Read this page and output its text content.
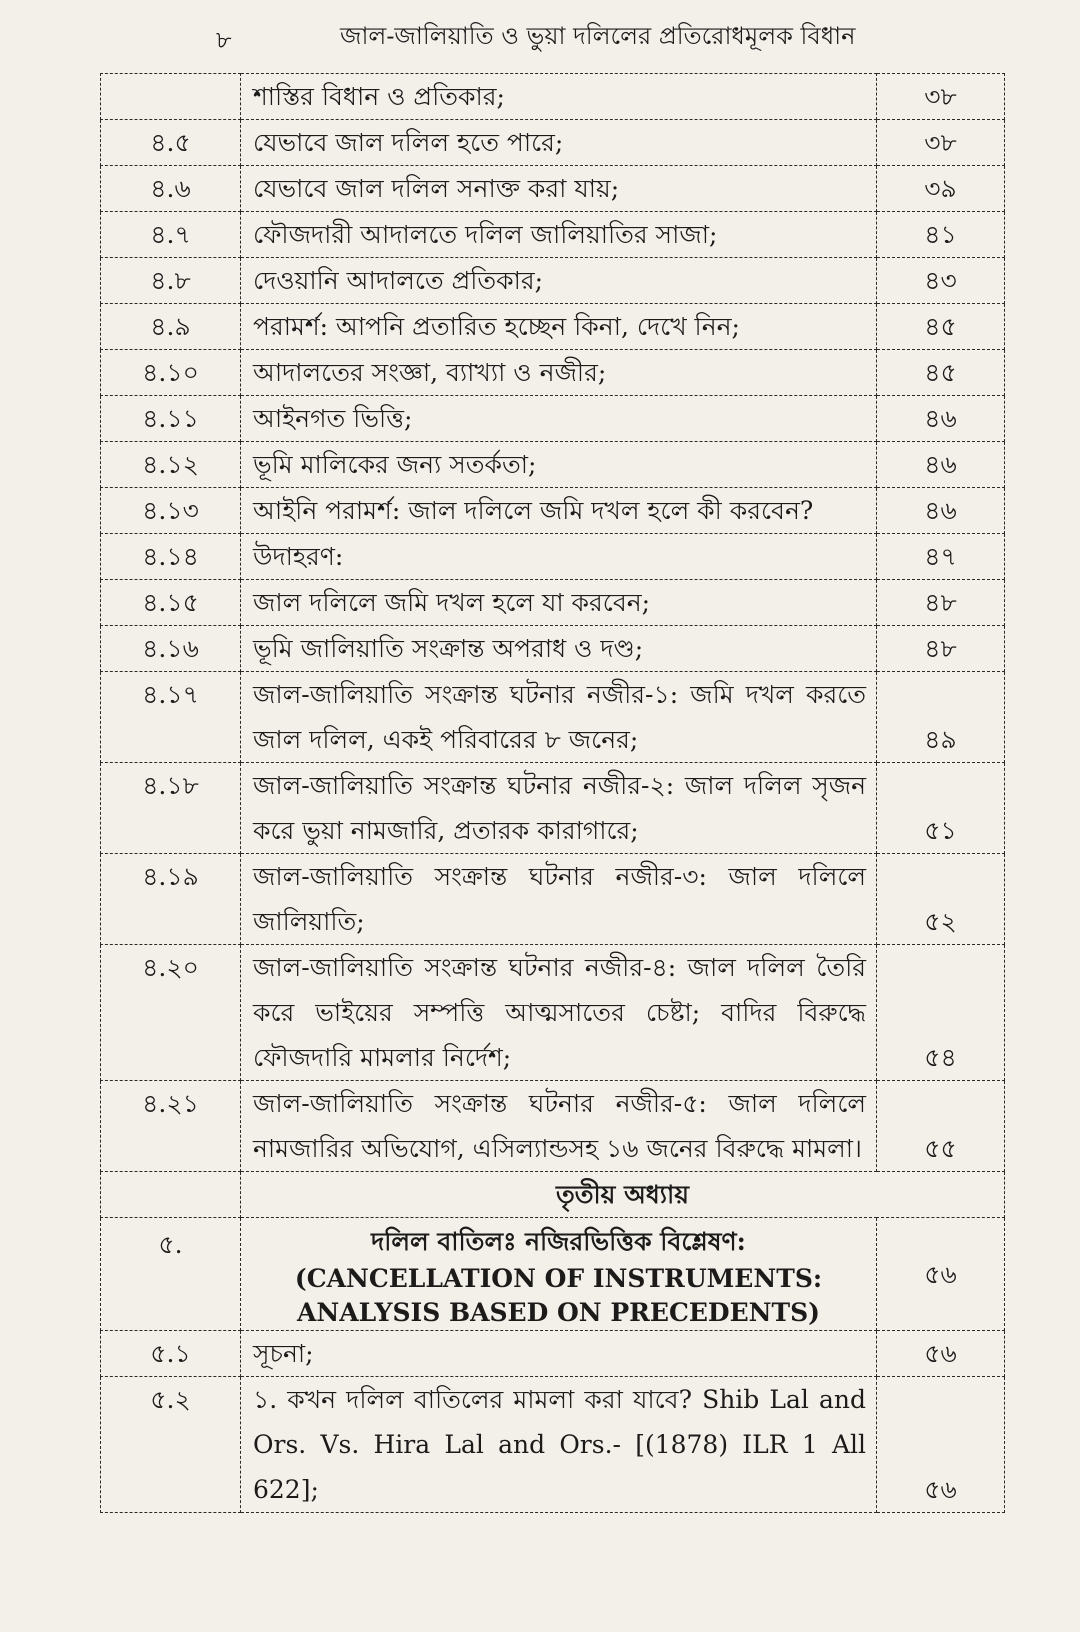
৮	জাল-জালিয়াতি ও ভুয়া দলিলের প্রতিরোধমূলক বিধান
	শাস্তির বিধান ও প্রতিকার;	৩৮
৪.৫	যেভাবে জাল দলিল হতে পারে;	৩৮
৪.৬	যেভাবে জাল দলিল সনাক্ত করা যায়;	৩৯
৪.৭	ফৌজদারী আদালতে দলিল জালিয়াতির সাজা;	৪১
৪.৮	দেওয়ানি আদালতে প্রতিকার;	৪৩
৪.৯	পরামর্শ: আপনি প্রতারিত হচ্ছেন কিনা, দেখে নিন;	৪৫
৪.১০	আদালতের সংজ্ঞা, ব্যাখ্যা ও নজীর;	৪৫
৪.১১	আইনগত ভিত্তি;	৪৬
৪.১২	ভূমি মালিকের জন্য সতর্কতা;	৪৬
৪.১৩	আইনি পরামর্শ: জাল দলিলে জমি দখল হলে কী করবেন?	৪৬
৪.১৪	উদাহরণ:	৪৭
৪.১৫	জাল দলিলে জমি দখল হলে যা করবেন;	৪৮
৪.১৬	ভূমি জালিয়াতি সংক্রান্ত অপরাধ ও দণ্ড;	৪৮
৪.১৭	জাল-জালিয়াতি সংক্রান্ত ঘটনার নজীর-১: জমি দখল করতে জাল দলিল, একই পরিবারের ৮ জনের;	৪৯
৪.১৮	জাল-জালিয়াতি সংক্রান্ত ঘটনার নজীর-২: জাল দলিল সৃজন করে ভুয়া নামজারি, প্রতারক কারাগারে;	৫১
৪.১৯	জাল-জালিয়াতি সংক্রান্ত ঘটনার নজীর-৩: জাল দলিলে জালিয়াতি;	৫২
৪.২০	জাল-জালিয়াতি সংক্রান্ত ঘটনার নজীর-৪: জাল দলিল তৈরি করে ভাইয়ের সম্পত্তি আত্মসাতের চেষ্টা; বাদির বিরুদ্ধে ফৌজদারি মামলার নির্দেশ;	৫৪
৪.২১	জাল-জালিয়াতি সংক্রান্ত ঘটনার নজীর-৫: জাল দলিলে নামজারির অভিযোগ, এসিল্যান্ডসহ ১৬ জনের বিরুদ্ধে মামলা।	৫৫
	তৃতীয় অধ্যায়	
৫.	দলিল বাতিলঃ নজিরভিত্তিক বিশ্লেষণ:
(CANCELLATION OF INSTRUMENTS:
ANALYSIS BASED ON PRECEDENTS)	৫৬
৫.১	সূচনা;	৫৬
৫.২	১. কখন দলিল বাতিলের মামলা করা যাবে? Shib Lal and Ors. Vs. Hira Lal and Ors.- [(1878) ILR 1 All 622];	৫৬
